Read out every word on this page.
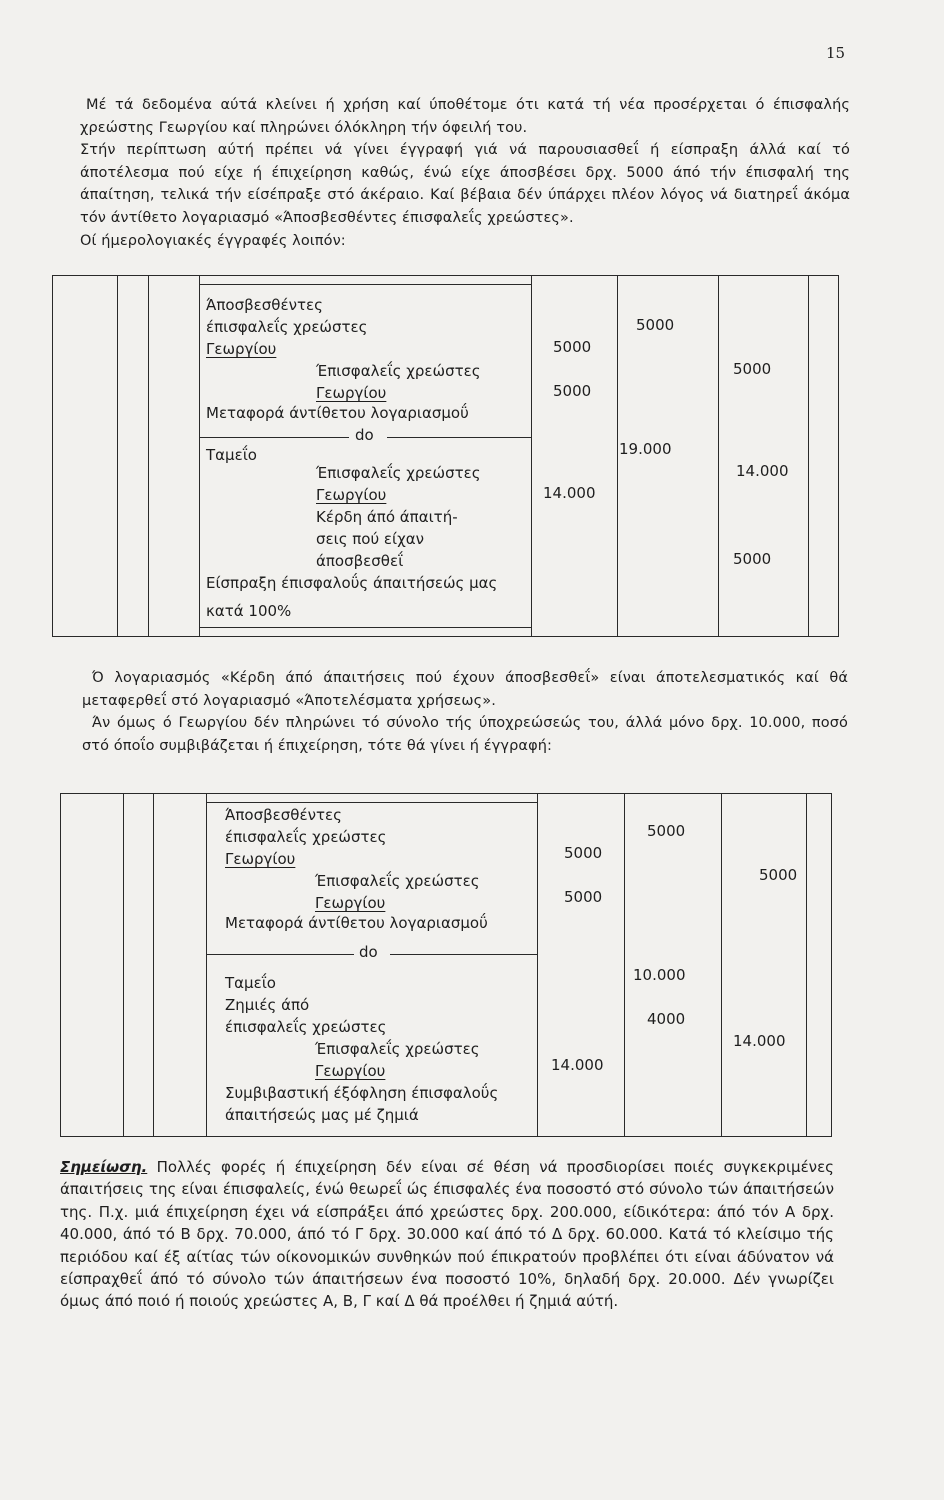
15
Μέ τά δεδομένα αύτά κλείνει ή χρήση καί ύποθέτομε ότι κατά τή νέα προσέρχεται ό έπισφαλής χρεώστης Γεωργίου καί πληρώνει όλόκληρη τήν όφειλή του.
Στήν περίπτωση αύτή πρέπει νά γίνει έγγραφή γιά νά παρουσιασθεΐ ή είσπραξη άλλά καί τό άποτέλεσμα πού είχε ή έπιχείρηση καθώς, ένώ είχε άποσβέσει δρχ. 5000 άπό τήν έπισφαλή της άπαίτηση, τελικά τήν είσέπραξε στό άκέραιο. Καί βέβαια δέν ύπάρχει πλέον λόγος νά διατηρεΐ άκόμα τόν άντίθετο λογαριασμό «Άποσβεσθέντες έπισφαλεΐς χρεώστες».
Οί ήμερολογιακές έγγραφές λοιπόν:
Άποσβεσθέντες
έπισφαλεΐς χρεώστες
Γεωργίου
Έπισφαλεΐς χρεώστες
Γεωργίου
Μεταφορά άντίθετου λογαριασμοΰ
5000
5000
5000
5000
do
Ταμεΐο
Έπισφαλεΐς χρεώστες
Γεωργίου
Κέρδη άπό άπαιτή-
σεις πού είχαν
άποσβεσθεΐ
Είσπραξη έπισφαλοΰς άπαιτήσεώς μας
κατά 100%
19.000
14.000
14.000
5000
Ό λογαριασμός «Κέρδη άπό άπαιτήσεις πού έχουν άποσβεσθεΐ» είναι άποτελεσματικός καί θά μεταφερθεΐ στό λογαριασμό «Άποτελέσματα χρήσεως».
Άν όμως ό Γεωργίου δέν πληρώνει τό σύνολο τής ύποχρεώσεώς του, άλλά μόνο δρχ. 10.000, ποσό στό όποΐο συμβιβάζεται ή έπιχείρηση, τότε θά γίνει ή έγγραφή:
Άποσβεσθέντες
έπισφαλεΐς χρεώστες
Γεωργίου
Έπισφαλεΐς χρεώστες
Γεωργίου
Μεταφορά άντίθετου λογαριασμοΰ
5000
5000
5000
5000
do
Ταμεΐο
Ζημιές άπό
έπισφαλεΐς χρεώστες
Έπισφαλεΐς χρεώστες
Γεωργίου
Συμβιβαστική έξόφληση έπισφαλοΰς
άπαιτήσεώς μας μέ ζημιά
10.000
4000
14.000
14.000

Σημείωση. Πολλές φορές ή έπιχείρηση δέν είναι σέ θέση νά προσδιορίσει ποιές συγκεκριμένες άπαιτήσεις της είναι έπισφαλείς, ένώ θεωρεΐ ώς έπισφαλές ένα ποσοστό στό σύνολο τών άπαιτήσεών της. Π.χ. μιά έπιχείρηση έχει νά είσπράξει άπό χρεώστες δρχ. 200.000, είδικότερα: άπό τόν Α δρχ. 40.000, άπό τό Β δρχ. 70.000, άπό τό Γ δρχ. 30.000 καί άπό τό Δ δρχ. 60.000. Κατά τό κλείσιμο τής περιόδου καί έξ αίτίας τών οίκονομικών συνθηκών πού έπικρατούν προβλέπει ότι είναι άδύνατον νά είσπραχθεΐ άπό τό σύνολο τών άπαιτήσεων ένα ποσοστό 10%, δηλαδή δρχ. 20.000. Δέν γνωρίζει όμως άπό ποιό ή ποιούς χρεώστες Α, Β, Γ καί Δ θά προέλθει ή ζημιά αύτή.
